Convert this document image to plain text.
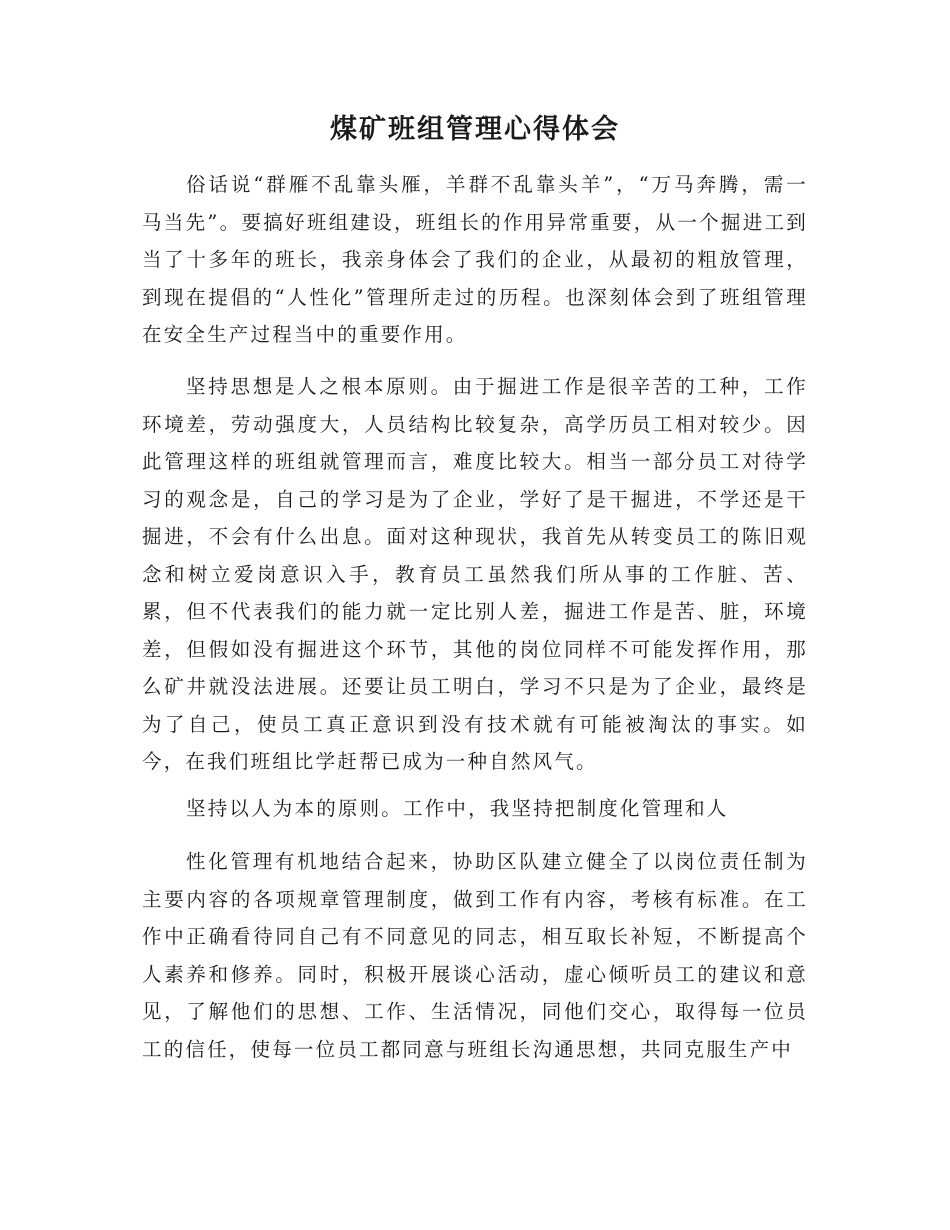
煤矿班组管理心得体会

俗话说“群雁不乱靠头雁，羊群不乱靠头羊”，“万马奔腾，需一马当先”。要搞好班组建设，班组长的作用异常重要，从一个掘进工到当了十多年的班长，我亲身体会了我们的企业，从最初的粗放管理，到现在提倡的“人性化”管理所走过的历程。也深刻体会到了班组管理在安全生产过程当中的重要作用。

坚持思想是人之根本原则。由于掘进工作是很辛苦的工种，工作环境差，劳动强度大，人员结构比较复杂，高学历员工相对较少。因此管理这样的班组就管理而言，难度比较大。相当一部分员工对待学习的观念是，自己的学习是为了企业，学好了是干掘进，不学还是干掘进，不会有什么出息。面对这种现状，我首先从转变员工的陈旧观念和树立爱岗意识入手，教育员工虽然我们所从事的工作脏、苦、累，但不代表我们的能力就一定比别人差，掘进工作是苦、脏，环境差，但假如没有掘进这个环节，其他的岗位同样不可能发挥作用，那么矿井就没法进展。还要让员工明白，学习不只是为了企业，最终是为了自己，使员工真正意识到没有技术就有可能被淘汰的事实。如今，在我们班组比学赶帮已成为一种自然风气。

坚持以人为本的原则。工作中，我坚持把制度化管理和人

性化管理有机地结合起来，协助区队建立健全了以岗位责任制为主要内容的各项规章管理制度，做到工作有内容，考核有标准。在工作中正确看待同自己有不同意见的同志，相互取长补短，不断提高个人素养和修养。同时，积极开展谈心活动，虚心倾听员工的建议和意见，了解他们的思想、工作、生活情况，同他们交心，取得每一位员工的信任，使每一位员工都同意与班组长沟通思想，共同克服生产中
